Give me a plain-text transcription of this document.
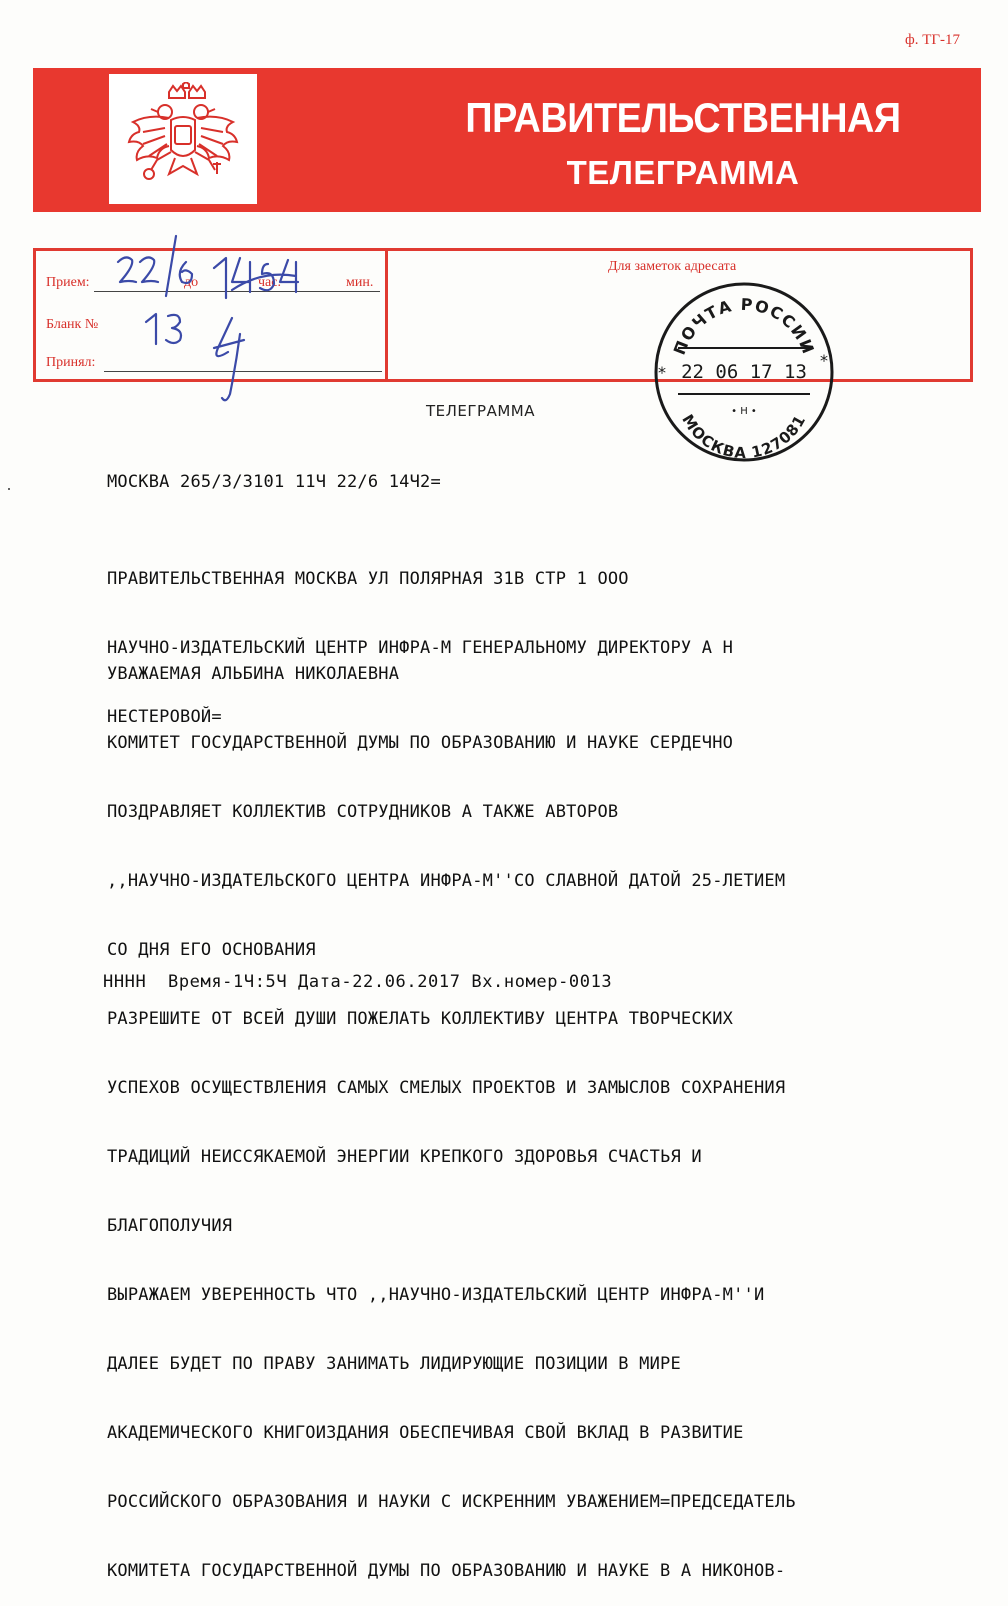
ф. ТГ-17
ПРАВИТЕЛЬСТВЕННАЯ
ТЕЛЕГРАММА
Прием:	до	час.	мин.
Бланк №
Принял:
Для заметок адресата
ПОЧТА РОССИИ
*
*
22 06 17 13
• Н •
МОСКВА 127081
ТЕЛЕГРАММА
МОСКВА 265/3/3101 11Ч 22/6 14Ч2=

ПРАВИТЕЛЬСТВЕННАЯ МОСКВА УЛ ПОЛЯРНАЯ 31В СТР 1 ООО

НАУЧНО-ИЗДАТЕЛЬСКИЙ ЦЕНТР ИНФРА-М ГЕНЕРАЛЬНОМУ ДИРЕКТОРУ А Н

НЕСТЕРОВОЙ=

УВАЖАЕМАЯ АЛЬБИНА НИКОЛАЕВНА

КОМИТЕТ ГОСУДАРСТВЕННОЙ ДУМЫ ПО ОБРАЗОВАНИЮ И НАУКЕ СЕРДЕЧНО

ПОЗДРАВЛЯЕТ КОЛЛЕКТИВ СОТРУДНИКОВ А ТАКЖЕ АВТОРОВ

,,НАУЧНО-ИЗДАТЕЛЬСКОГО ЦЕНТРА ИНФРА-М''СО СЛАВНОЙ ДАТОЙ 25-ЛЕТИЕМ

СО ДНЯ ЕГО ОСНОВАНИЯ

РАЗРЕШИТЕ ОТ ВСЕЙ ДУШИ ПОЖЕЛАТЬ КОЛЛЕКТИВУ ЦЕНТРА ТВОРЧЕСКИХ

УСПЕХОВ ОСУЩЕСТВЛЕНИЯ САМЫХ СМЕЛЫХ ПРОЕКТОВ И ЗАМЫСЛОВ СОХРАНЕНИЯ

ТРАДИЦИЙ НЕИССЯКАЕМОЙ ЭНЕРГИИ КРЕПКОГО ЗДОРОВЬЯ СЧАСТЬЯ И

БЛАГОПОЛУЧИЯ

ВЫРАЖАЕМ УВЕРЕННОСТЬ ЧТО ,,НАУЧНО-ИЗДАТЕЛЬСКИЙ ЦЕНТР ИНФРА-М''И

ДАЛЕЕ БУДЕТ ПО ПРАВУ ЗАНИМАТЬ ЛИДИРУЮЩИЕ ПОЗИЦИИ В МИРЕ

АКАДЕМИЧЕСКОГО КНИГОИЗДАНИЯ ОБЕСПЕЧИВАЯ СВОЙ ВКЛАД В РАЗВИТИЕ

РОССИЙСКОГО ОБРАЗОВАНИЯ И НАУКИ С ИСКРЕННИМ УВАЖЕНИЕМ=ПРЕДСЕДАТЕЛЬ

КОМИТЕТА ГОСУДАРСТВЕННОЙ ДУМЫ ПО ОБРАЗОВАНИЮ И НАУКЕ В А НИКОНОВ-

НННН  Время-1Ч:5Ч Дата-22.06.2017 Вх.номер-0013
